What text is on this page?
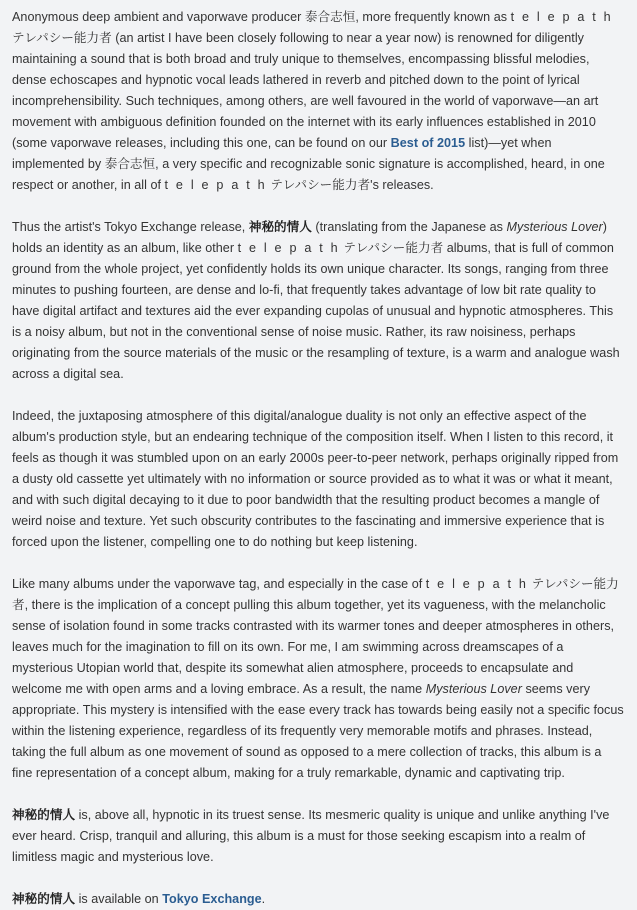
Anonymous deep ambient and vaporwave producer 泰合志恒, more frequently known as t e l e p a t h テレパシー能力者 (an artist I have been closely following to near a year now) is renowned for diligently maintaining a sound that is both broad and truly unique to themselves, encompassing blissful melodies, dense echoscapes and hypnotic vocal leads lathered in reverb and pitched down to the point of lyrical incomprehensibility. Such techniques, among others, are well favoured in the world of vaporwave—an art movement with ambiguous definition founded on the internet with its early influences established in 2010 (some vaporwave releases, including this one, can be found on our Best of 2015 list)—yet when implemented by 泰合志恒, a very specific and recognizable sonic signature is accomplished, heard, in one respect or another, in all of t e l e p a t h テレパシー能力者's releases.

Thus the artist's Tokyo Exchange release, 神秘的情人 (translating from the Japanese as Mysterious Lover) holds an identity as an album, like other t e l e p a t h テレパシー能力者 albums, that is full of common ground from the whole project, yet confidently holds its own unique character. Its songs, ranging from three minutes to pushing fourteen, are dense and lo-fi, that frequently takes advantage of low bit rate quality to have digital artifact and textures aid the ever expanding cupolas of unusual and hypnotic atmospheres. This is a noisy album, but not in the conventional sense of noise music. Rather, its raw noisiness, perhaps originating from the source materials of the music or the resampling of texture, is a warm and analogue wash across a digital sea.

Indeed, the juxtaposing atmosphere of this digital/analogue duality is not only an effective aspect of the album's production style, but an endearing technique of the composition itself. When I listen to this record, it feels as though it was stumbled upon on an early 2000s peer-to-peer network, perhaps originally ripped from a dusty old cassette yet ultimately with no information or source provided as to what it was or what it meant, and with such digital decaying to it due to poor bandwidth that the resulting product becomes a mangle of weird noise and texture. Yet such obscurity contributes to the fascinating and immersive experience that is forced upon the listener, compelling one to do nothing but keep listening.

Like many albums under the vaporwave tag, and especially in the case of t e l e p a t h テレパシー能力者, there is the implication of a concept pulling this album together, yet its vagueness, with the melancholic sense of isolation found in some tracks contrasted with its warmer tones and deeper atmospheres in others, leaves much for the imagination to fill on its own. For me, I am swimming across dreamscapes of a mysterious Utopian world that, despite its somewhat alien atmosphere, proceeds to encapsulate and welcome me with open arms and a loving embrace. As a result, the name Mysterious Lover seems very appropriate. This mystery is intensified with the ease every track has towards being easily not a specific focus within the listening experience, regardless of its frequently very memorable motifs and phrases. Instead, taking the full album as one movement of sound as opposed to a mere collection of tracks, this album is a fine representation of a concept album, making for a truly remarkable, dynamic and captivating trip.

神秘的情人 is, above all, hypnotic in its truest sense. Its mesmeric quality is unique and unlike anything I've ever heard. Crisp, tranquil and alluring, this album is a must for those seeking escapism into a realm of limitless magic and mysterious love.

神秘的情人 is available on Tokyo Exchange.
